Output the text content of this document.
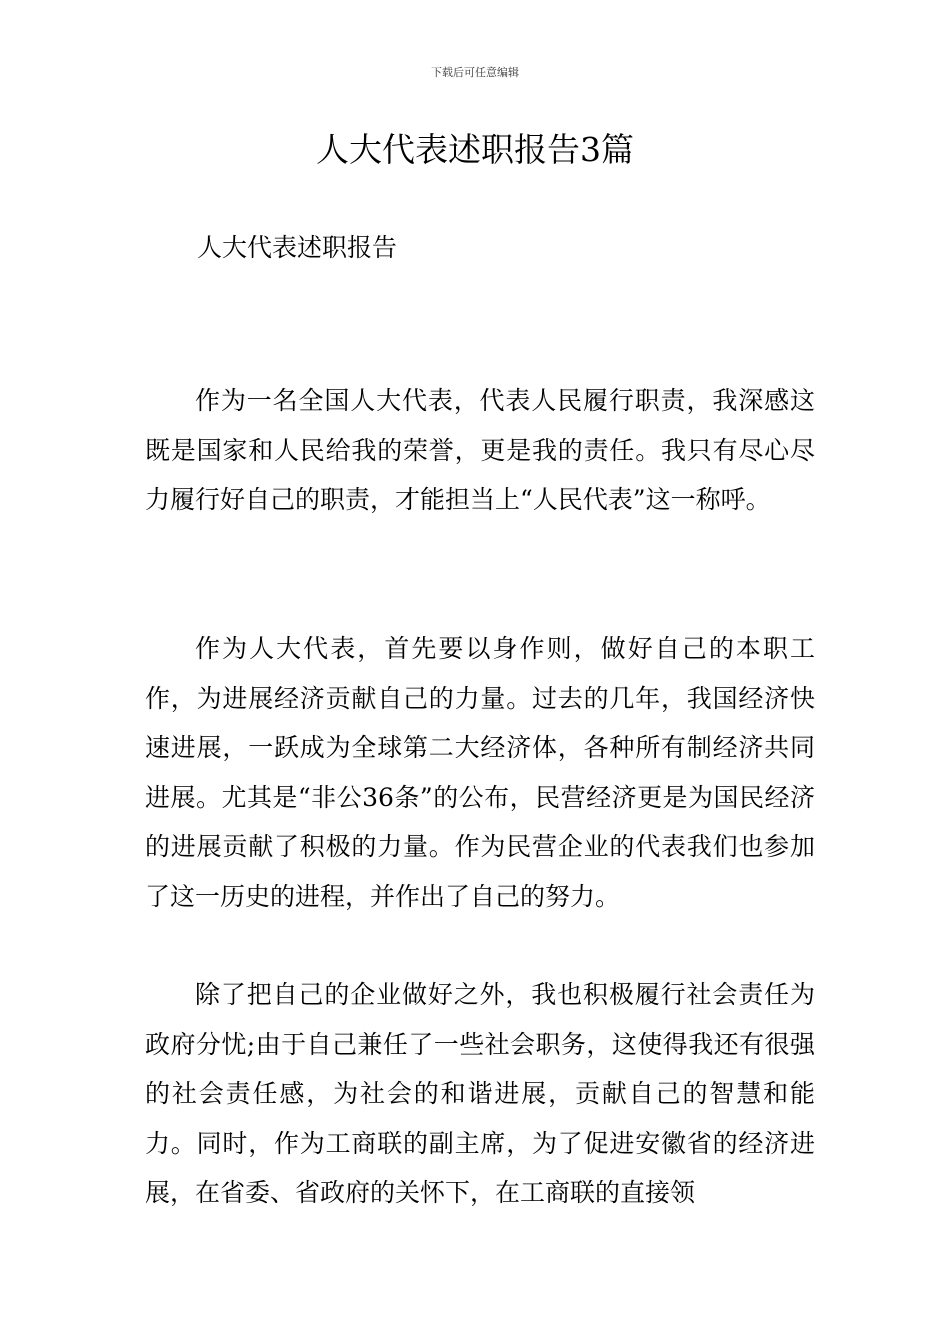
下载后可任意编辑
人大代表述职报告3篇
人大代表述职报告

作为一名全国人大代表，代表人民履行职责，我深感这既是国家和人民给我的荣誉，更是我的责任。我只有尽心尽力履行好自己的职责，才能担当上“人民代表”这一称呼。

作为人大代表，首先要以身作则，做好自己的本职工作，为进展经济贡献自己的力量。过去的几年，我国经济快速进展，一跃成为全球第二大经济体，各种所有制经济共同进展。尤其是“非公36条”的公布，民营经济更是为国民经济的进展贡献了积极的力量。作为民营企业的代表我们也参加了这一历史的进程，并作出了自己的努力。

除了把自己的企业做好之外，我也积极履行社会责任为政府分忧;由于自己兼任了一些社会职务，这使得我还有很强的社会责任感，为社会的和谐进展，贡献自己的智慧和能力。同时，作为工商联的副主席，为了促进安徽省的经济进展，在省委、省政府的关怀下，在工商联的直接领
